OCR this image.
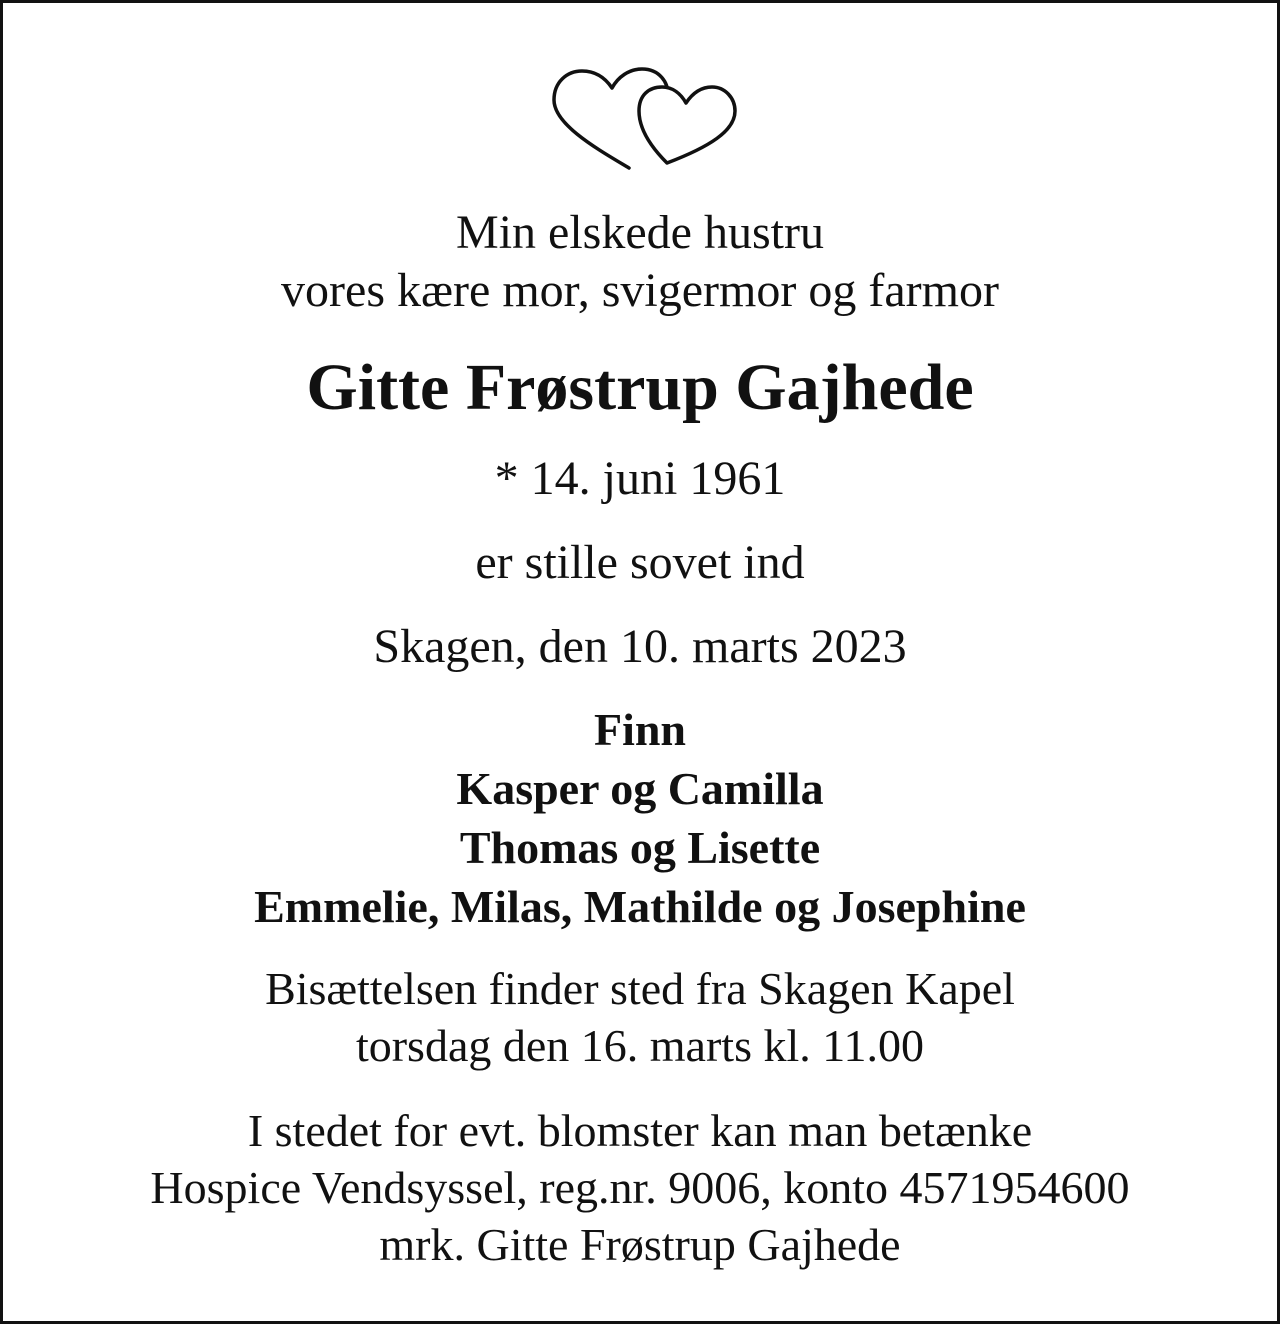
Min elskede hustru
vores kære mor, svigermor og farmor
Gitte Frøstrup Gajhede
* 14. juni 1961
er stille sovet ind
Skagen, den 10. marts 2023
Finn
Kasper og Camilla
Thomas og Lisette
Emmelie, Milas, Mathilde og Josephine
Bisættelsen finder sted fra Skagen Kapel
torsdag den 16. marts kl. 11.00
I stedet for evt. blomster kan man betænke
Hospice Vendsyssel, reg.nr. 9006, konto 4571954600
mrk. Gitte Frøstrup Gajhede
